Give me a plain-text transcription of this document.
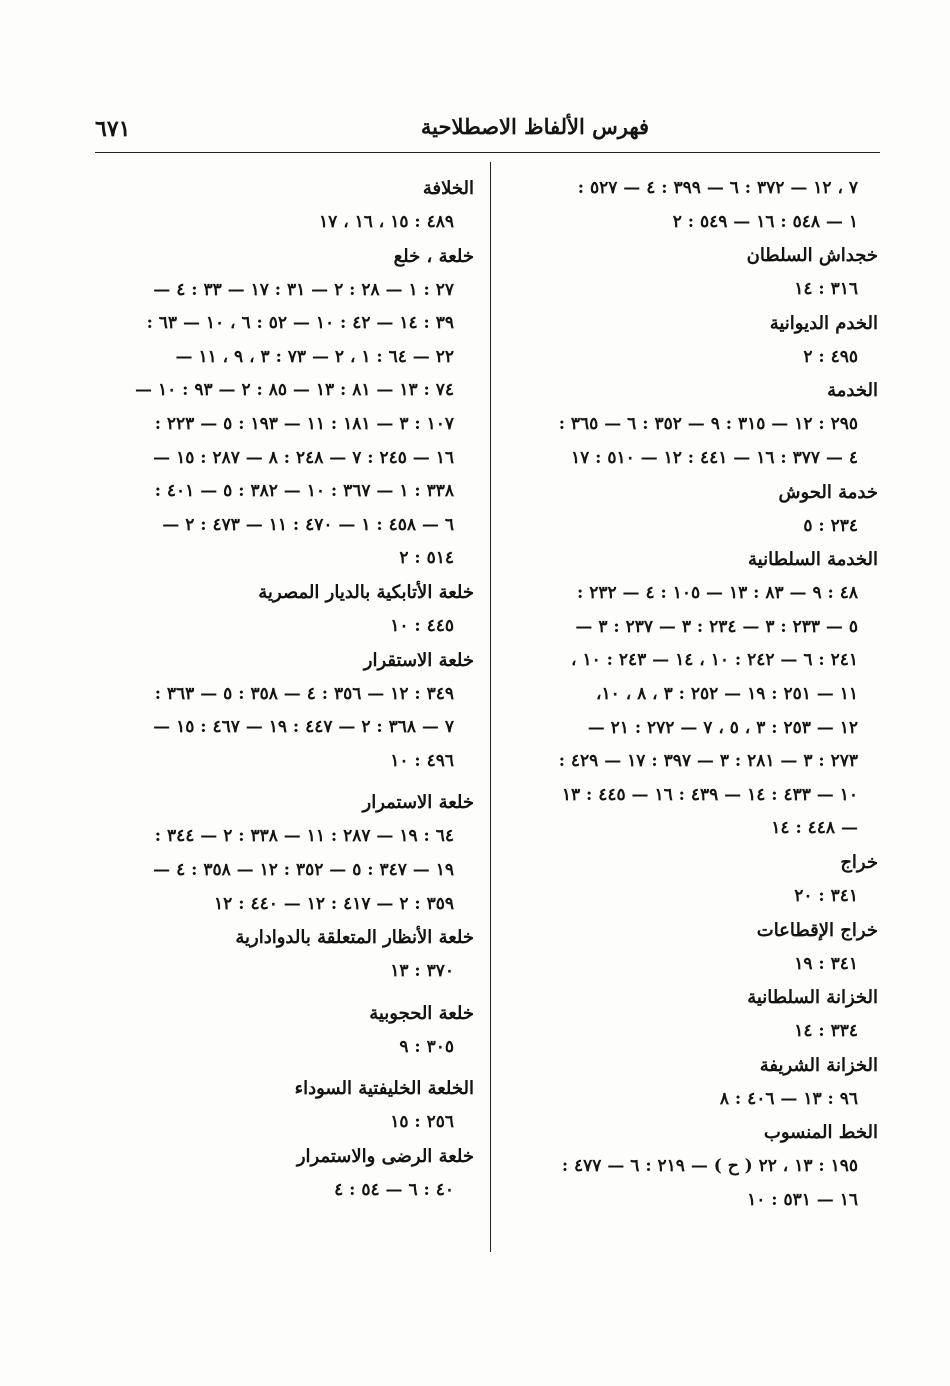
٦٧١	فهرس الألفاظ الاصطلاحية
٧ ، ١٢ — ٣٧٢ : ٦ — ٣٩٩ : ٤ — ٥٢٧ :
١ — ٥٤٨ : ١٦ — ٥٤٩ : ٢
خجداش السلطان
٣١٦ : ١٤
الخدم الديوانية
٤٩٥ : ٢
الخدمة
٢٩٥ : ١٢ — ٣١٥ : ٩ — ٣٥٢ : ٦ — ٣٦٥ :
٤ — ٣٧٧ : ١٦ — ٤٤١ : ١٢ — ٥١٠ : ١٧
خدمة الحوش
٢٣٤ : ٥
الخدمة السلطانية
٤٨ : ٩ — ٨٣ : ١٣ — ١٠٥ : ٤ — ٢٣٢ :
٥ — ٢٣٣ : ٣ — ٢٣٤ : ٣ — ٢٣٧ : ٣ —
٢٤١ : ٦ — ٢٤٢ : ١٠ ، ١٤ — ٢٤٣ : ١٠ ،
١١ — ٢٥١ : ١٩ — ٢٥٢ : ٣ ، ٨ ، ١٠،
١٢ — ٢٥٣ : ٣ ، ٥ ، ٧ — ٢٧٢ : ٢١ —
٢٧٣ : ٣ — ٢٨١ : ٣ — ٣٩٧ : ١٧ — ٤٢٩ :
١٠ — ٤٣٣ : ١٤ — ٤٣٩ : ١٦ — ٤٤٥ : ١٣
— ٤٤٨ : ١٤
خراج
٣٤١ : ٢٠
خراج الإقطاعات
٣٤١ : ١٩
الخزانة السلطانية
٣٣٤ : ١٤
الخزانة الشريفة
٩٦ : ١٣ — ٤٠٦ : ٨
الخط المنسوب
١٩٥ : ١٣ ، ٢٢ ( ح ) — ٢١٩ : ٦ — ٤٧٧ :
١٦ — ٥٣١ : ١٠
الخلافة
٤٨٩ : ١٥ ، ١٦ ، ١٧
خلعة ، خلع
٢٧ : ١ — ٢٨ : ٢ — ٣١ : ١٧ — ٣٣ : ٤ —
٣٩ : ١٤ — ٤٢ : ١٠ — ٥٢ : ٦ ، ١٠ — ٦٣ :
٢٢ — ٦٤ : ١ ، ٢ — ٧٣ : ٣ ، ٩ ، ١١ —
٧٤ : ١٣ — ٨١ : ١٣ — ٨٥ : ٢ — ٩٣ : ١٠ —
١٠٧ : ٣ — ١٨١ : ١١ — ١٩٣ : ٥ — ٢٢٣ :
١٦ — ٢٤٥ : ٧ — ٢٤٨ : ٨ — ٢٨٧ : ١٥ —
٣٣٨ : ١ — ٣٦٧ : ١٠ — ٣٨٢ : ٥ — ٤٠١ :
٦ — ٤٥٨ : ١ — ٤٧٠ : ١١ — ٤٧٣ : ٢ —
٥١٤ : ٢
خلعة الأتابكية بالديار المصرية
٤٤٥ : ١٠
خلعة الاستقرار
٣٤٩ : ١٢ — ٣٥٦ : ٤ — ٣٥٨ : ٥ — ٣٦٣ :
٧ — ٣٦٨ : ٢ — ٤٤٧ : ١٩ — ٤٦٧ : ١٥ —
٤٩٦ : ١٠
خلعة الاستمرار
٦٤ : ١٩ — ٢٨٧ : ١١ — ٣٣٨ : ٢ — ٣٤٤ :
١٩ — ٣٤٧ : ٥ — ٣٥٢ : ١٢ — ٣٥٨ : ٤ —
٣٥٩ : ٢ — ٤١٧ : ١٢ — ٤٤٠ : ١٢
خلعة الأنظار المتعلقة بالدوادارية
٣٧٠ : ١٣
خلعة الحجوبية
٣٠٥ : ٩
الخلعة الخليفتية السوداء
٢٥٦ : ١٥
خلعة الرضى والاستمرار
٤٠ : ٦ — ٥٤ : ٤
